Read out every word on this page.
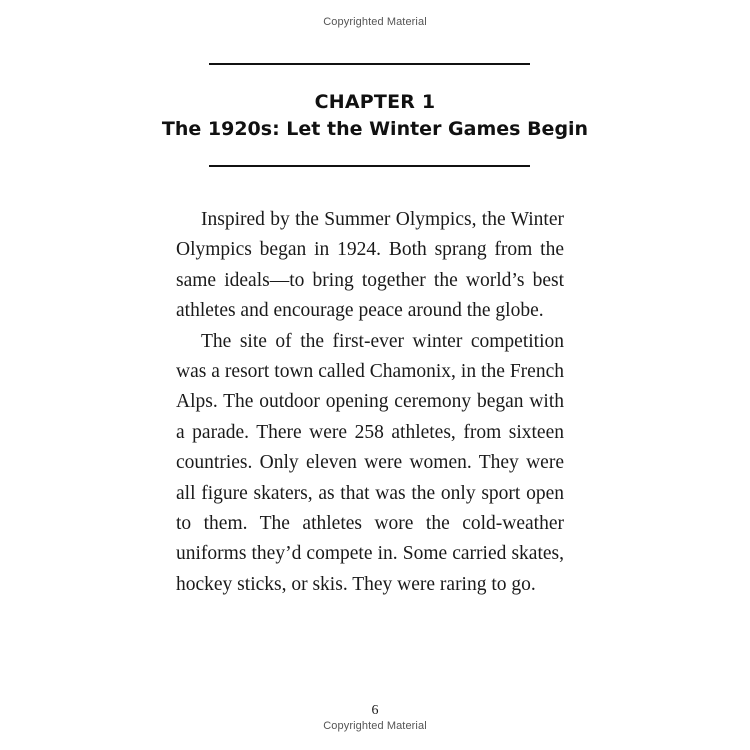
Copyrighted Material
CHAPTER 1
The 1920s: Let the Winter Games Begin

Inspired by the Summer Olympics, the Winter Olympics began in 1924. Both sprang from the same ideals—to bring together the world’s best athletes and encourage peace around the globe.

The site of the first-ever winter competition was a resort town called Chamonix, in the French Alps. The outdoor opening ceremony began with a parade. There were 258 athletes, from sixteen countries. Only eleven were women. They were all figure skaters, as that was the only sport open to them. The athletes wore the cold-weather uniforms they’d compete in. Some carried skates, hockey sticks, or skis. They were raring to go.

6
Copyrighted Material
